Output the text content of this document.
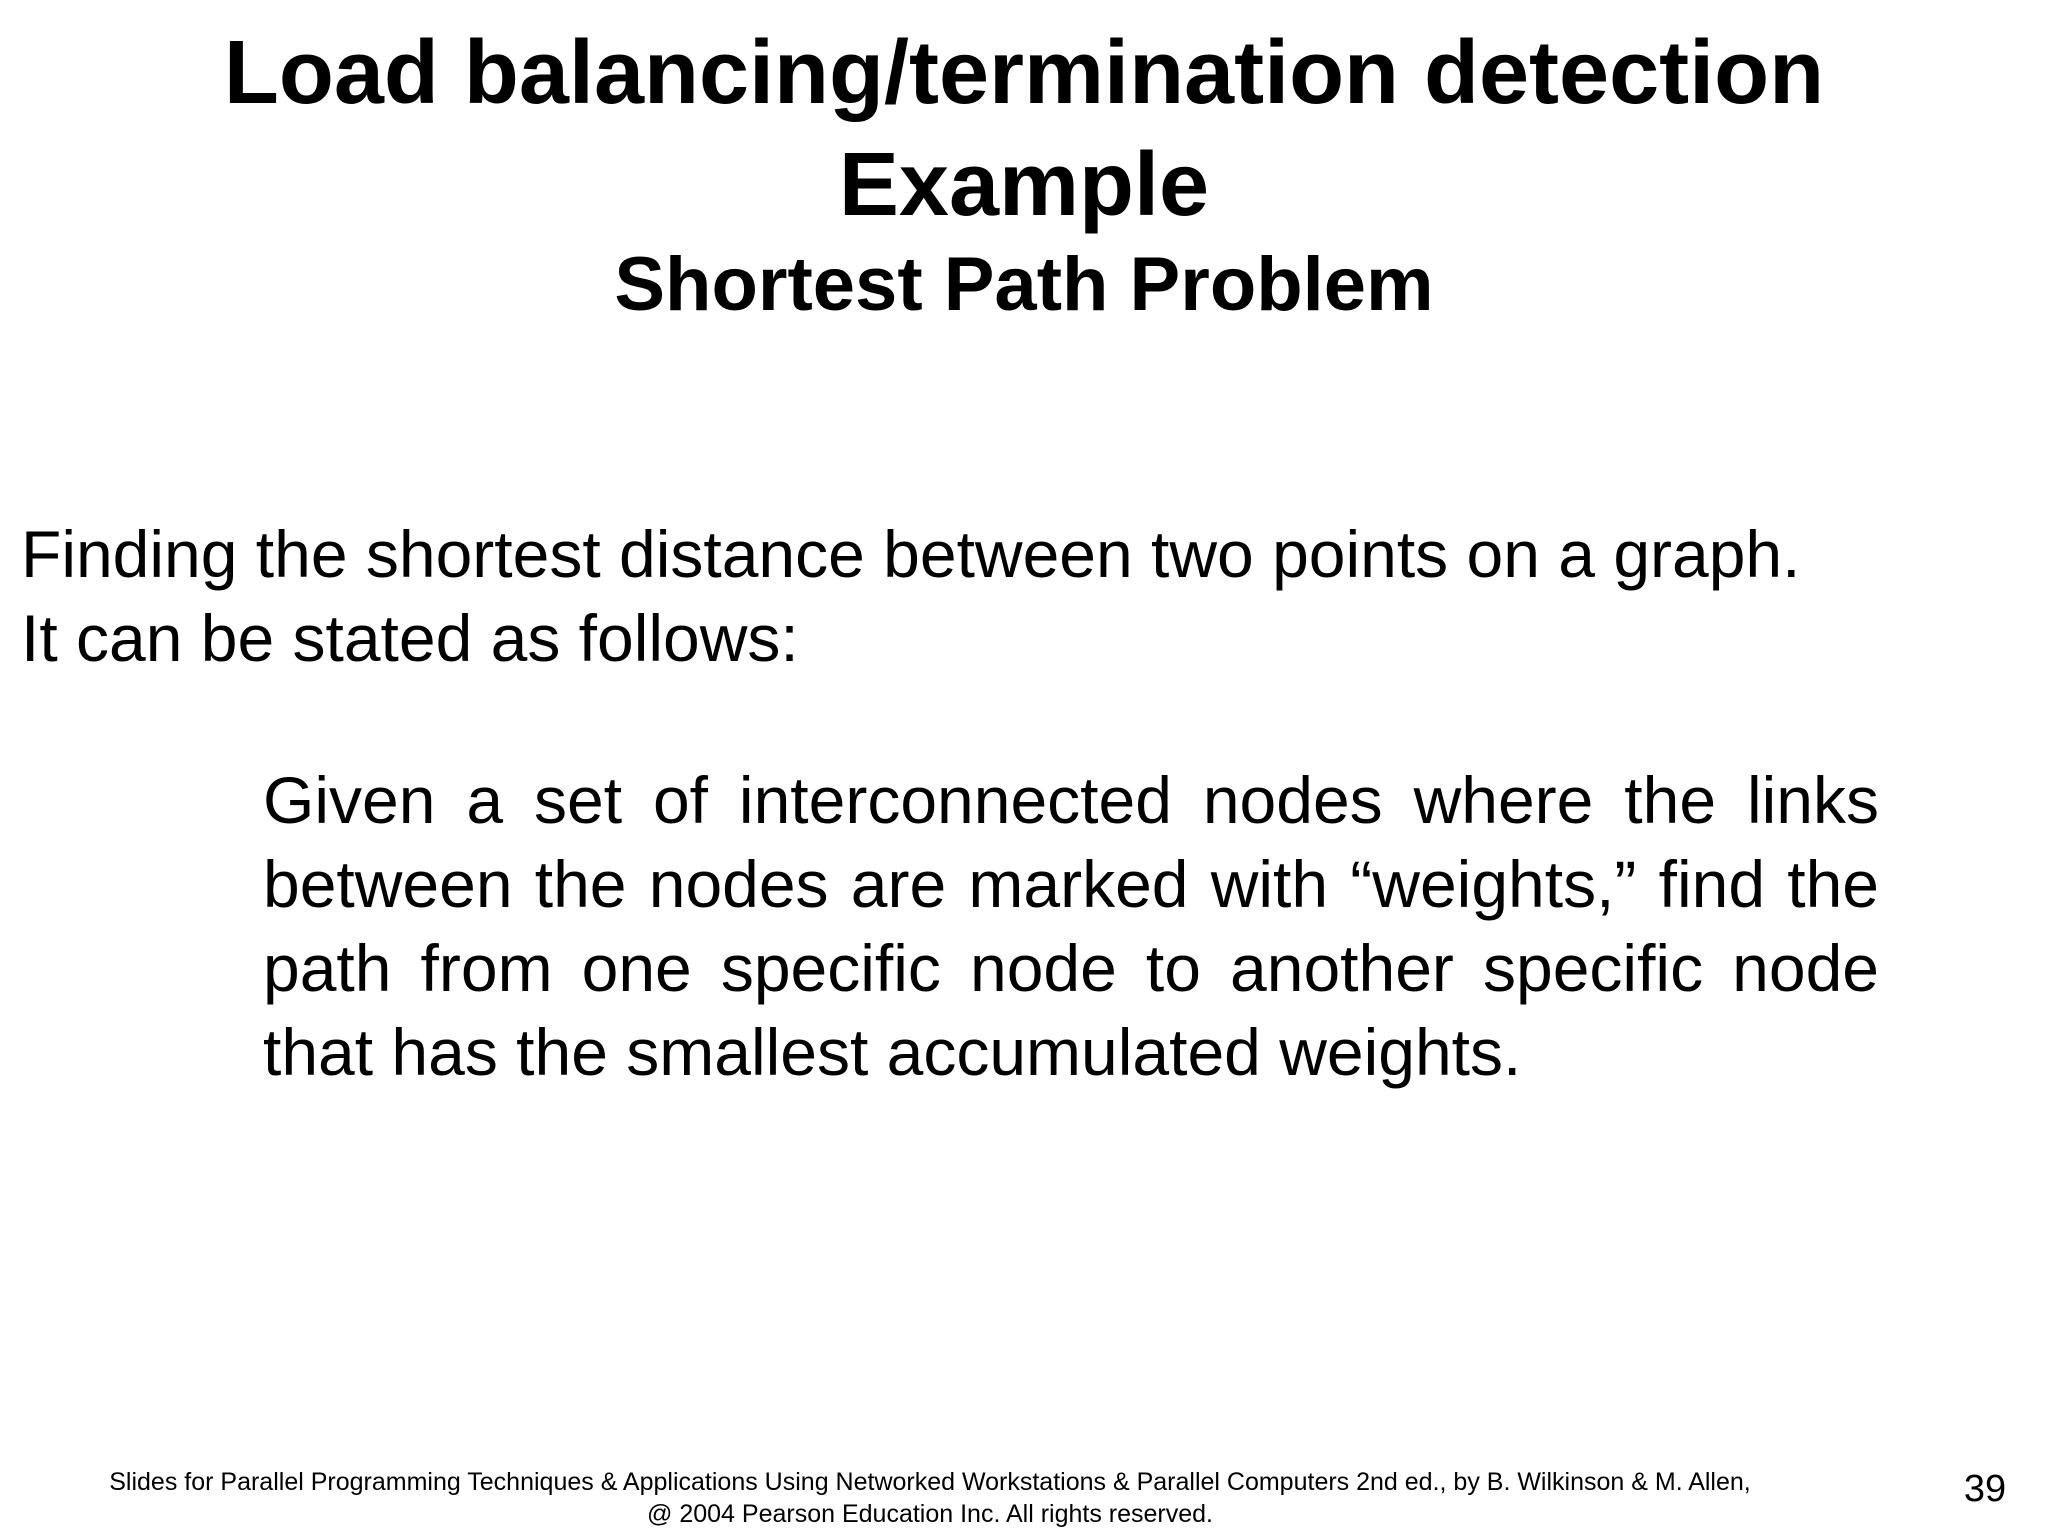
Load balancing/termination detection
Example
Shortest Path Problem

Finding the shortest distance between two points on a graph.
It can be stated as follows:

Given a set of interconnected nodes where the links between the nodes are marked with “weights,” find the path from one specific node to another specific node that has the smallest accumulated weights.

Slides for Parallel Programming Techniques & Applications Using Networked Workstations & Parallel Computers 2nd ed., by B. Wilkinson & M. Allen,
@ 2004 Pearson Education Inc. All rights reserved.
39
